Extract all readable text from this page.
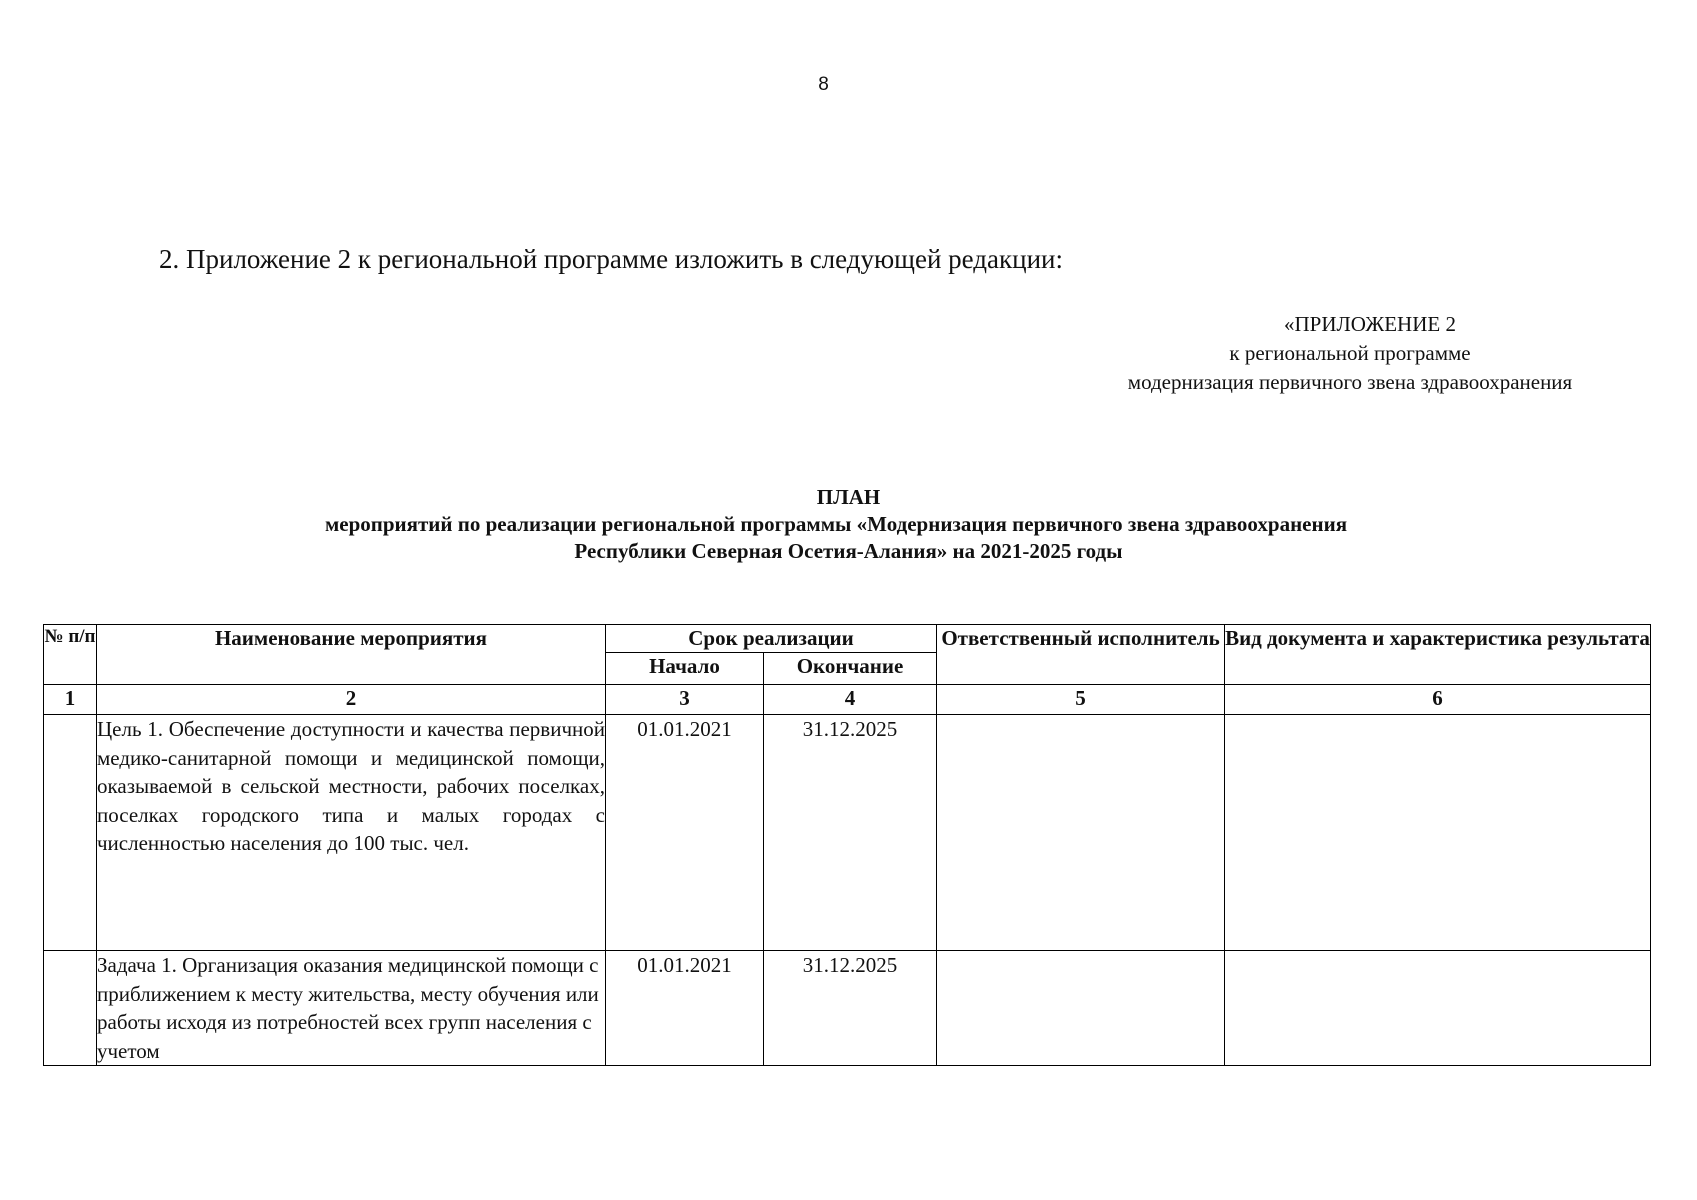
8
2. Приложение 2 к региональной программе изложить в следующей редакции:
«ПРИЛОЖЕНИЕ 2
к региональной программе
модернизация первичного звена здравоохранения
ПЛАН
мероприятий по реализации региональной программы «Модернизация первичного звена здравоохранения
Республики Северная Осетия-Алания» на 2021-2025 годы
№ п/п	Наименование мероприятия	Срок реализации		Ответственный исполнитель	Вид документа и характеристика результата
		Начало	Окончание		
1	2	3	4	5	6
	Цель 1. Обеспечение доступности и качества первичной медико-санитарной помощи и медицинской помощи, оказываемой в сельской местности, рабочих поселках, поселках городского типа и малых городах с численностью населения до 100 тыс. чел.	01.01.2021	31.12.2025		
	Задача 1. Организация оказания медицинской помощи с приближением к месту жительства, месту обучения или работы исходя из потребностей всех групп населения с учетом	01.01.2021	31.12.2025		
